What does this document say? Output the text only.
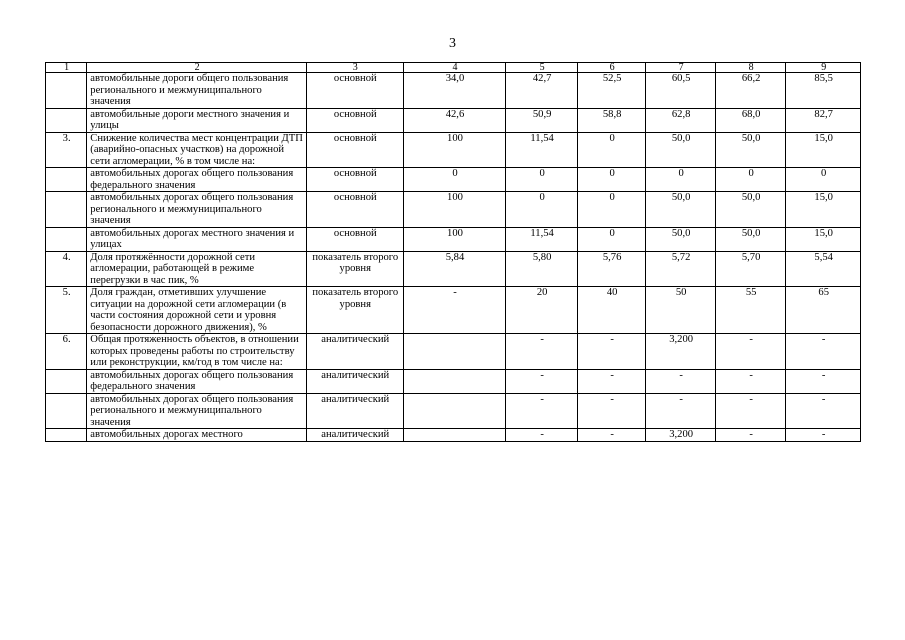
3
1	2	3	4	5	6	7	8	9
	автомобильные дороги общего пользования регионального и межмуниципального значения	основной	34,0	42,7	52,5	60,5	66,2	85,5
	автомобильные дороги местного значения и улицы	основной	42,6	50,9	58,8	62,8	68,0	82,7
3.	Снижение количества мест концентрации ДТП (аварийно-опасных участков) на дорожной сети агломерации, % в том числе на:	основной	100	11,54	0	50,0	50,0	15,0
	автомобильных дорогах общего пользования федерального значения	основной	0	0	0	0	0	0
	автомобильных дорогах общего пользования регионального и межмуниципального значения	основной	100	0	0	50,0	50,0	15,0
	автомобильных дорогах местного значения и улицах	основной	100	11,54	0	50,0	50,0	15,0
4.	Доля протяжённости дорожной сети агломерации, работающей в режиме перегрузки в час пик, %	показатель второго уровня	5,84	5,80	5,76	5,72	5,70	5,54
5.	Доля граждан, отметивших улучшение ситуации на дорожной сети агломерации (в части состояния дорожной сети и уровня безопасности дорожного движения), %	показатель второго уровня	-	20	40	50	55	65
6.	Общая протяженность объектов, в отношении которых проведены работы по строительству или реконструкции, км/год в том числе на:	аналитический		-	-	3,200	-	-
	автомобильных дорогах общего пользования федерального значения	аналитический		-	-	-	-	-
	автомобильных дорогах общего пользования регионального и межмуниципального значения	аналитический		-	-	-	-	-
	автомобильных дорогах местного	аналитический		-	-	3,200	-	-
